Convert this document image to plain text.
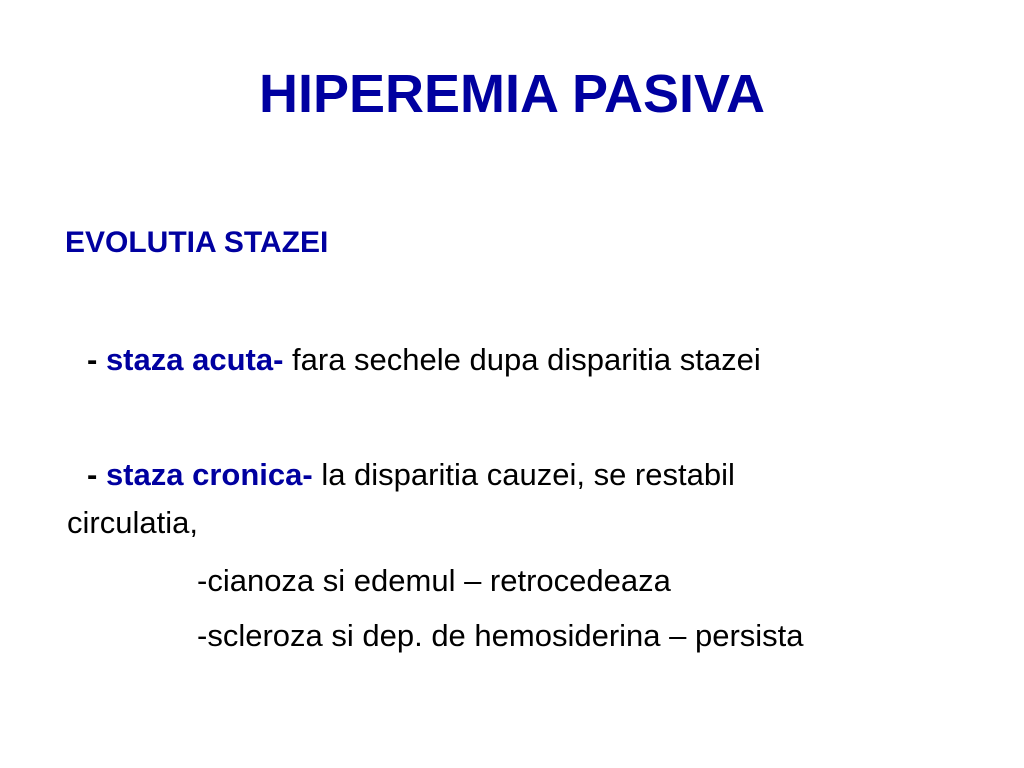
HIPEREMIA PASIVA
EVOLUTIA STAZEI

- staza acuta- fara sechele dupa disparitia stazei

- staza cronica- la disparitia cauzei, se restabil

circulatia,

-cianoza si edemul – retrocedeaza

-scleroza si dep. de hemosiderina – persista
